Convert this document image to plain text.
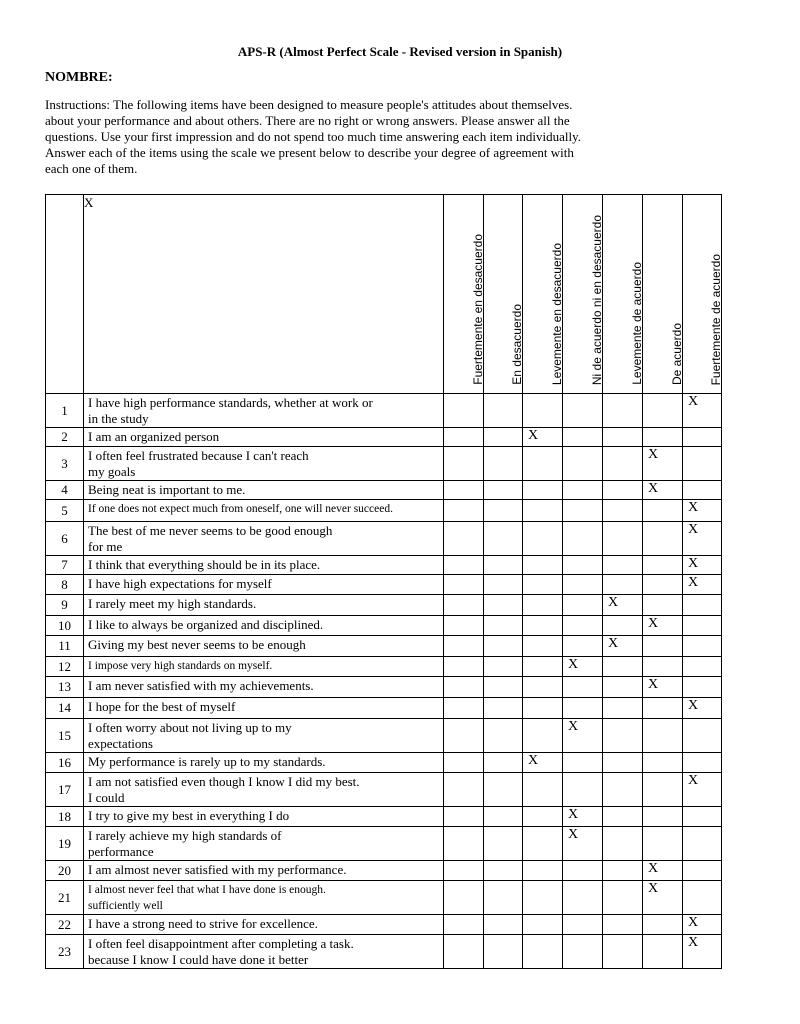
APS-R (Almost Perfect Scale - Revised version in Spanish)
NOMBRE:
Instructions: The following items have been designed to measure people's attitudes about themselves.
about your performance and about others. There are no right or wrong answers. Please answer all the
questions. Use your first impression and do not spend too much time answering each item individually.
Answer each of the items using the scale we present below to describe your degree of agreement with
each one of them.
	X	Fuertemente en desacuerdo	En desacuerdo	Levemente en desacuerdo	Ni de acuerdo ni en desacuerdo	Levemente de acuerdo	De acuerdo	Fuertemente de acuerdo

1	I have high performance standards, whether at work or
in the study							X

2	I am an organized person			X				

3	I often feel frustrated because I can't reach
my goals						X	

4	Being neat is important to me.						X	

5	If one does not expect much from oneself, one will never succeed.							X

6	The best of me never seems to be good enough
for me							X

7	I think that everything should be in its place.							X

8	I have high expectations for myself							X

9	I rarely meet my high standards.					X		

10	I like to always be organized and disciplined.						X	

11	Giving my best never seems to be enough					X		

12	I impose very high standards on myself.				X			

13	I am never satisfied with my achievements.						X	

14	I hope for the best of myself							X

15	I often worry about not living up to my
expectations				X			

16	My performance is rarely up to my standards.			X				

17	I am not satisfied even though I know I did my best.
I could							X

18	I try to give my best in everything I do				X			

19	I rarely achieve my high standards of
performance				X			

20	I am almost never satisfied with my performance.						X	

21	I almost never feel that what I have done is enough.
sufficiently well						X	

22	I have a strong need to strive for excellence.							X

23	I often feel disappointment after completing a task.
because I know I could have done it better							X
